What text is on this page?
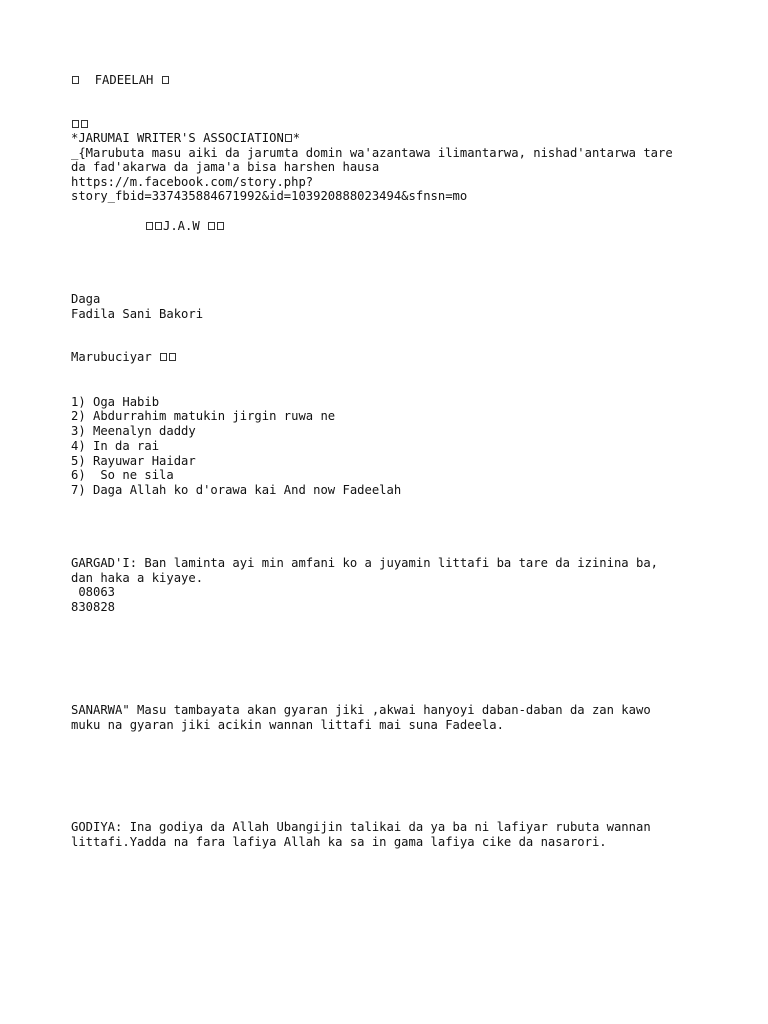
FADEELAH
*JARUMAI WRITER'S ASSOCIATION *
_{Marubuta masu aiki da jarumta domin wa'azantawa ilimantarwa, nishad'antarwa tare
da fad'akarwa da jama'a bisa harshen hausa
https://m.facebook.com/story.php?
story_fbid=337435884671992&id=103920888023494&sfnsn=mo
J.A.W
Daga
Fadila Sani Bakori
Marubuciyar
1) Oga Habib
2) Abdurrahim matukin jirgin ruwa ne
3) Meenalyn daddy
4) In da rai
5) Rayuwar Haidar
6)  So ne sila
7) Daga Allah ko d'orawa kai And now Fadeelah
GARGAD'I: Ban laminta ayi min amfani ko a juyamin littafi ba tare da izinina ba,
dan haka a kiyaye.
08063
830828
SANARWA" Masu tambayata akan gyaran jiki ,akwai hanyoyi daban-daban da zan kawo
muku na gyaran jiki acikin wannan littafi mai suna Fadeela.
GODIYA: Ina godiya da Allah Ubangijin talikai da ya ba ni lafiyar rubuta wannan
littafi.Yadda na fara lafiya Allah ka sa in gama lafiya cike da nasarori.
